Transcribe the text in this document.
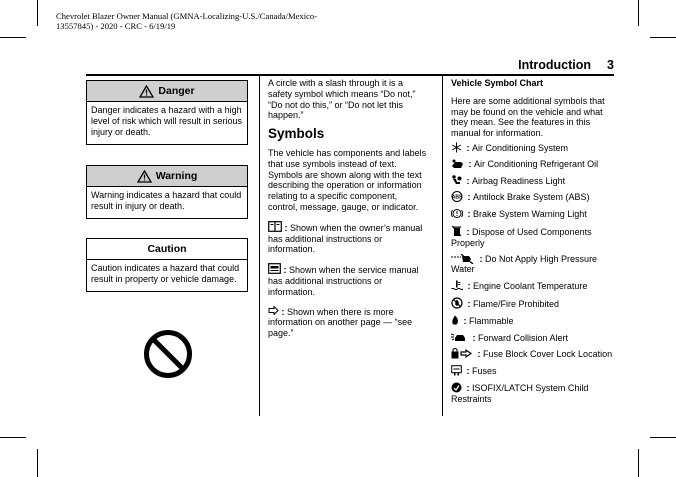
Chevrolet Blazer Owner Manual (GMNA-Localizing-U.S./Canada/Mexico-
13557845) - 2020 - CRC - 6/19/19
Introduction 3
Danger
Danger indicates a hazard with a high level of risk which will result in serious injury or death.
Warning
Warning indicates a hazard that could result in injury or death.
Caution
Caution indicates a hazard that could result in property or vehicle damage.

A circle with a slash through it is a safety symbol which means “Do not,” “Do not do this,” or “Do not let this happen.”

Symbols

The vehicle has components and labels that use symbols instead of text. Symbols are shown along with the text describing the operation or information relating to a specific component, control, message, gauge, or indicator.

: Shown when the owner’s manual has additional instructions or information.

: Shown when the service manual has additional instructions or information.

: Shown when there is more information on another page — “see page.”

Vehicle Symbol Chart

Here are some additional symbols that may be found on the vehicle and what they mean. See the features in this manual for information.

: Air Conditioning System
: Air Conditioning Refrigerant Oil
: Airbag Readiness Light
ABS : Antilock Brake System (ABS)
: Brake System Warning Light
: Dispose of Used Components Properly
: Do Not Apply High Pressure Water
: Engine Coolant Temperature
: Flame/Fire Prohibited
: Flammable
: Forward Collision Alert
: Fuse Block Cover Lock Location
: Fuses
: ISOFIX/LATCH System Child Restraints
